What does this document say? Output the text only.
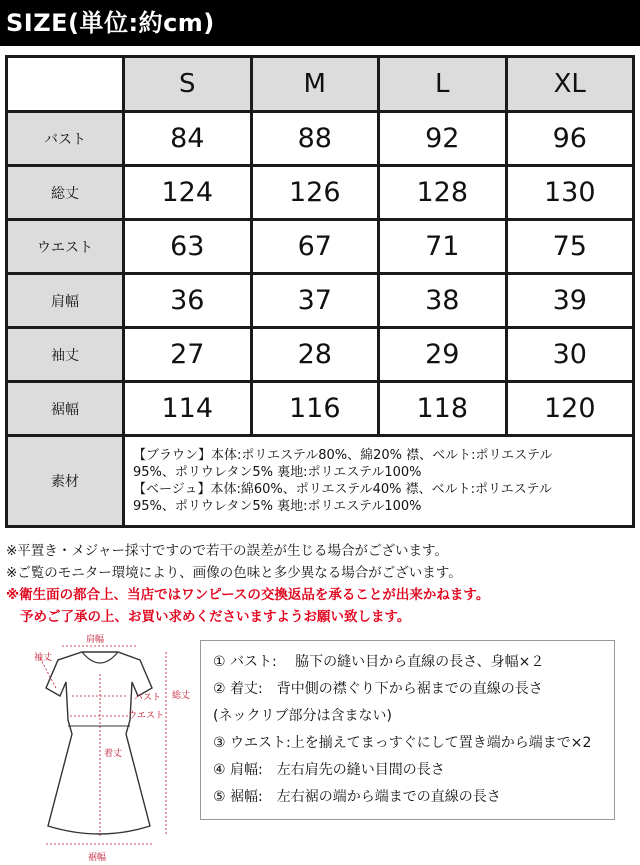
SIZE(単位:約cm)
	S	M	L	XL
バスト	84	88	92	96
総丈	124	126	128	130
ウエスト	63	67	71	75
肩幅	36	37	38	39
袖丈	27	28	29	30
裾幅	114	116	118	120
素材	【ブラウン】本体:ポリエステル80%、綿20% 襟、ベルト:ポリエステル
95%、ポリウレタン5% 裏地:ポリエステル100%
【ベージュ】本体:綿60%、ポリエステル40% 襟、ベルト:ポリエステル
95%、ポリウレタン5% 裏地:ポリエステル100%			
※平置き・メジャー採寸ですので若干の誤差が生じる場合がございます。
※ご覧のモニター環境により、画像の色味と多少異なる場合がございます。
※衛生面の都合上、当店ではワンピースの交換返品を承ることが出来かねます。
予めご了承の上、お買い求めくださいますようお願い致します。
肩幅
袖丈
バスト
ウエスト
総丈
着丈
裾幅
① バスト:　 脇下の縫い目から直線の長さ、身幅×２
② 着丈:　背中側の襟ぐり下から裾までの直線の長さ
(ネックリブ部分は含まない)
③ ウエスト:上を揃えてまっすぐにして置き端から端まで×2
④ 肩幅:　左右肩先の縫い目間の長さ
⑤ 裾幅:　左右裾の端から端までの直線の長さ
